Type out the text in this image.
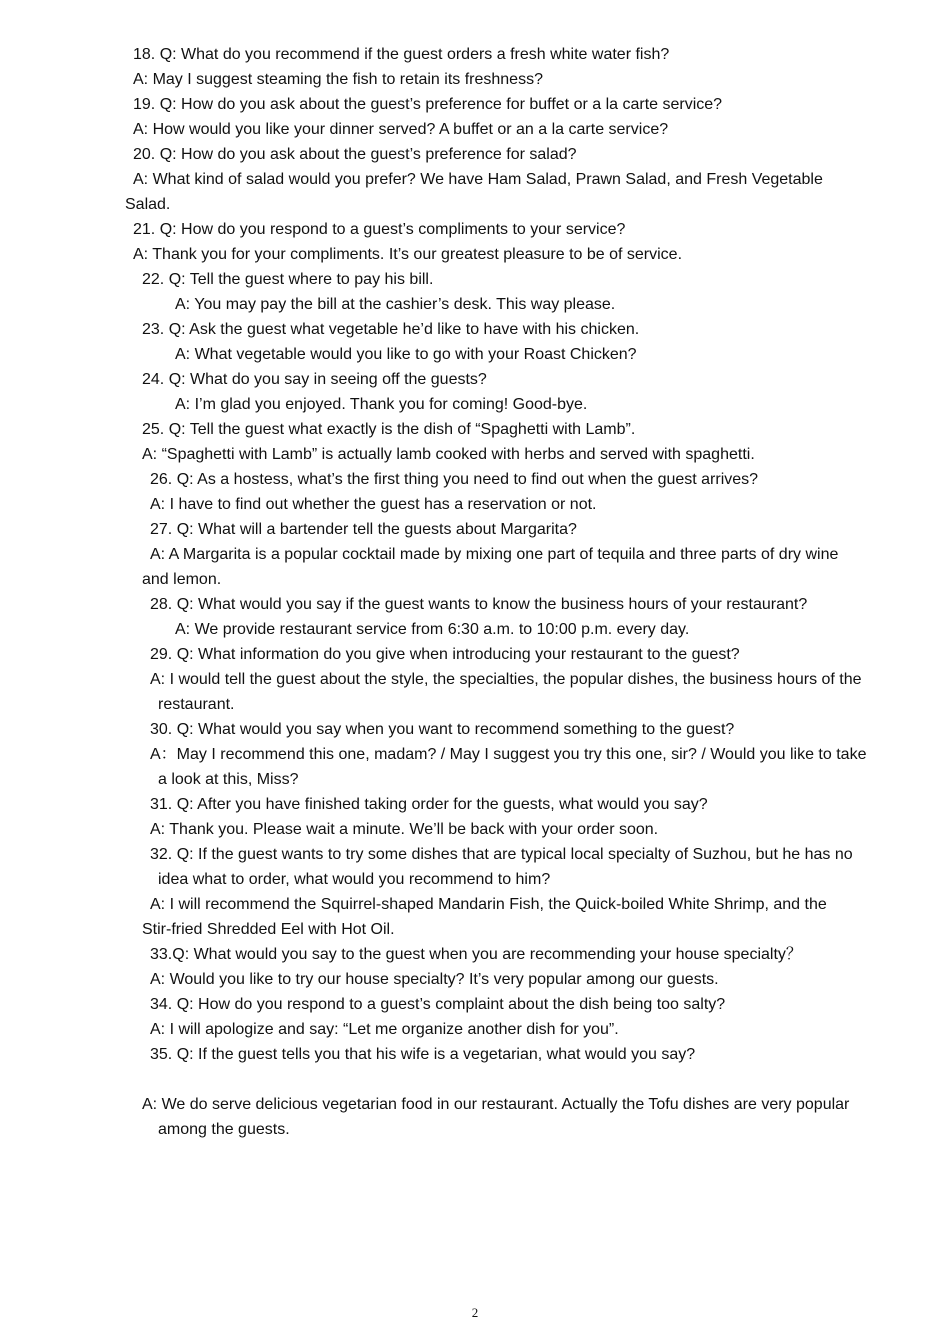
18. Q: What do you recommend if the guest orders a fresh white water fish?
A: May I suggest steaming the fish to retain its freshness?
19. Q: How do you ask about the guest’s preference for buffet or a la carte service?
A: How would you like your dinner served? A buffet or an a la carte service?
20. Q: How do you ask about the guest’s preference for salad?
A: What kind of salad would you prefer? We have Ham Salad, Prawn Salad, and Fresh Vegetable
Salad.
21. Q: How do you respond to a guest’s compliments to your service?
A: Thank you for your compliments. It’s our greatest pleasure to be of service.
22. Q: Tell the guest where to pay his bill.
A: You may pay the bill at the cashier’s desk. This way please.
23. Q: Ask the guest what vegetable he’d like to have with his chicken.
A: What vegetable would you like to go with your Roast Chicken?
24. Q: What do you say in seeing off the guests?
A: I’m glad you enjoyed. Thank you for coming! Good-bye.
25. Q: Tell the guest what exactly is the dish of “Spaghetti with Lamb”.
A: “Spaghetti with Lamb” is actually lamb cooked with herbs and served with spaghetti.
26. Q: As a hostess, what’s the first thing you need to find out when the guest arrives?
A: I have to find out whether the guest has a reservation or not.
27. Q: What will a bartender tell the guests about Margarita?
A: A Margarita is a popular cocktail made by mixing one part of tequila and three parts of dry wine
and lemon.
28. Q: What would you say if the guest wants to know the business hours of your restaurant?
A: We provide restaurant service from 6:30 a.m. to 10:00 p.m. every day.
29. Q: What information do you give when introducing your restaurant to the guest?
A: I would tell the guest about the style, the specialties, the popular dishes, the business hours of the
restaurant.
30. Q: What would you say when you want to recommend something to the guest?
A：May I recommend this one, madam? / May I suggest you try this one, sir? / Would you like to take
a look at this, Miss?
31. Q: After you have finished taking order for the guests, what would you say?
A: Thank you. Please wait a minute. We’ll be back with your order soon.
32. Q: If the guest wants to try some dishes that are typical local specialty of Suzhou, but he has no
idea what to order, what would you recommend to him?
A: I will recommend the Squirrel-shaped Mandarin Fish, the Quick-boiled White Shrimp, and the
Stir-fried Shredded Eel with Hot Oil.
33.Q: What would you say to the guest when you are recommending your house specialty？
A: Would you like to try our house specialty? It’s very popular among our guests.
34. Q: How do you respond to a guest’s complaint about the dish being too salty?
A: I will apologize and say: “Let me organize another dish for you”.
35. Q: If the guest tells you that his wife is a vegetarian, what would you say?
A: We do serve delicious vegetarian food in our restaurant. Actually the Tofu dishes are very popular
among the guests.
2
